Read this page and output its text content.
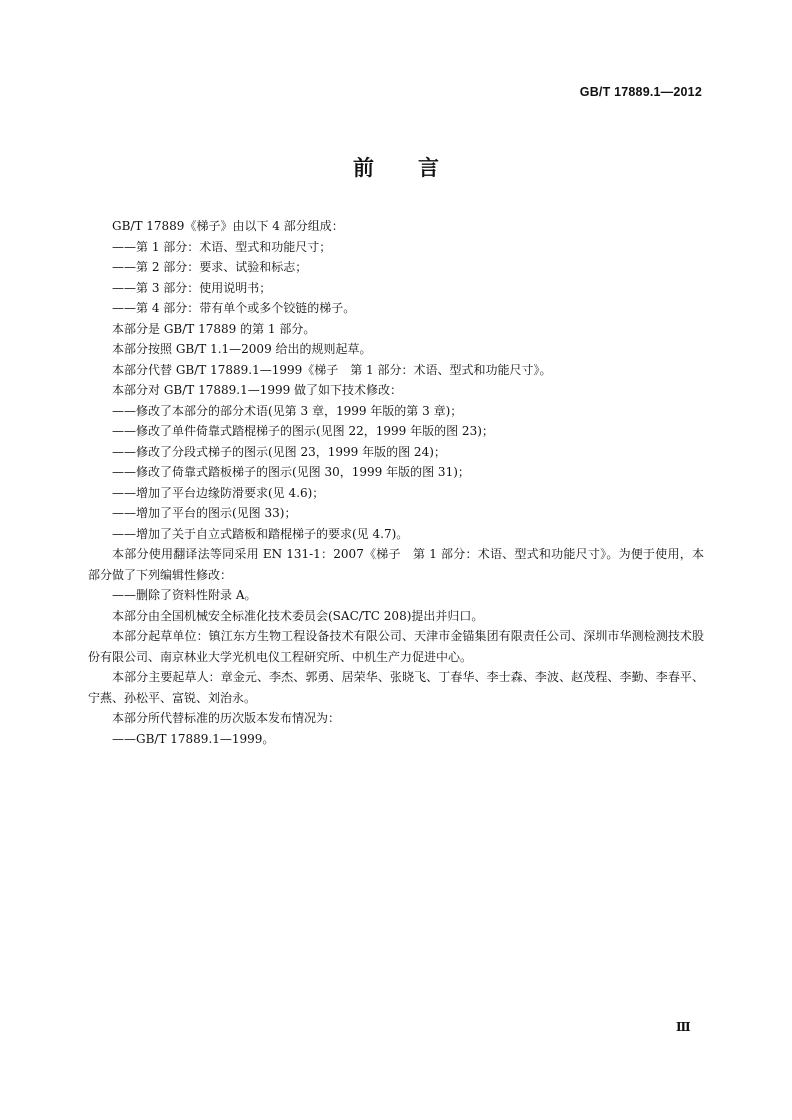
GB/T 17889.1—2012
前言

GB/T 17889《梯子》由以下 4 部分组成：

——第 1 部分：术语、型式和功能尺寸；

——第 2 部分：要求、试验和标志；

——第 3 部分：使用说明书；

——第 4 部分：带有单个或多个铰链的梯子。

本部分是 GB/T 17889 的第 1 部分。

本部分按照 GB/T 1.1—2009 给出的规则起草。

本部分代替 GB/T 17889.1—1999《梯子　第 1 部分：术语、型式和功能尺寸》。

本部分对 GB/T 17889.1—1999 做了如下技术修改：

——修改了本部分的部分术语(见第 3 章，1999 年版的第 3 章)；

——修改了单件倚靠式踏棍梯子的图示(见图 22，1999 年版的图 23)；

——修改了分段式梯子的图示(见图 23，1999 年版的图 24)；

——修改了倚靠式踏板梯子的图示(见图 30，1999 年版的图 31)；

——增加了平台边缘防滑要求(见 4.6)；

——增加了平台的图示(见图 33)；

——增加了关于自立式踏板和踏棍梯子的要求(见 4.7)。

本部分使用翻译法等同采用 EN 131-1：2007《梯子　第 1 部分：术语、型式和功能尺寸》。为便于使用，本部分做了下列编辑性修改：

——删除了资料性附录 A。

本部分由全国机械安全标准化技术委员会(SAC/TC 208)提出并归口。

本部分起草单位：镇江东方生物工程设备技术有限公司、天津市金锚集团有限责任公司、深圳市华测检测技术股份有限公司、南京林业大学光机电仪工程研究所、中机生产力促进中心。

本部分主要起草人：章金元、李杰、郭勇、居荣华、张晓飞、丁春华、李士森、李波、赵茂程、李勤、李春平、宁燕、孙松平、富锐、刘治永。

本部分所代替标准的历次版本发布情况为：

——GB/T 17889.1—1999。

Ⅲ
